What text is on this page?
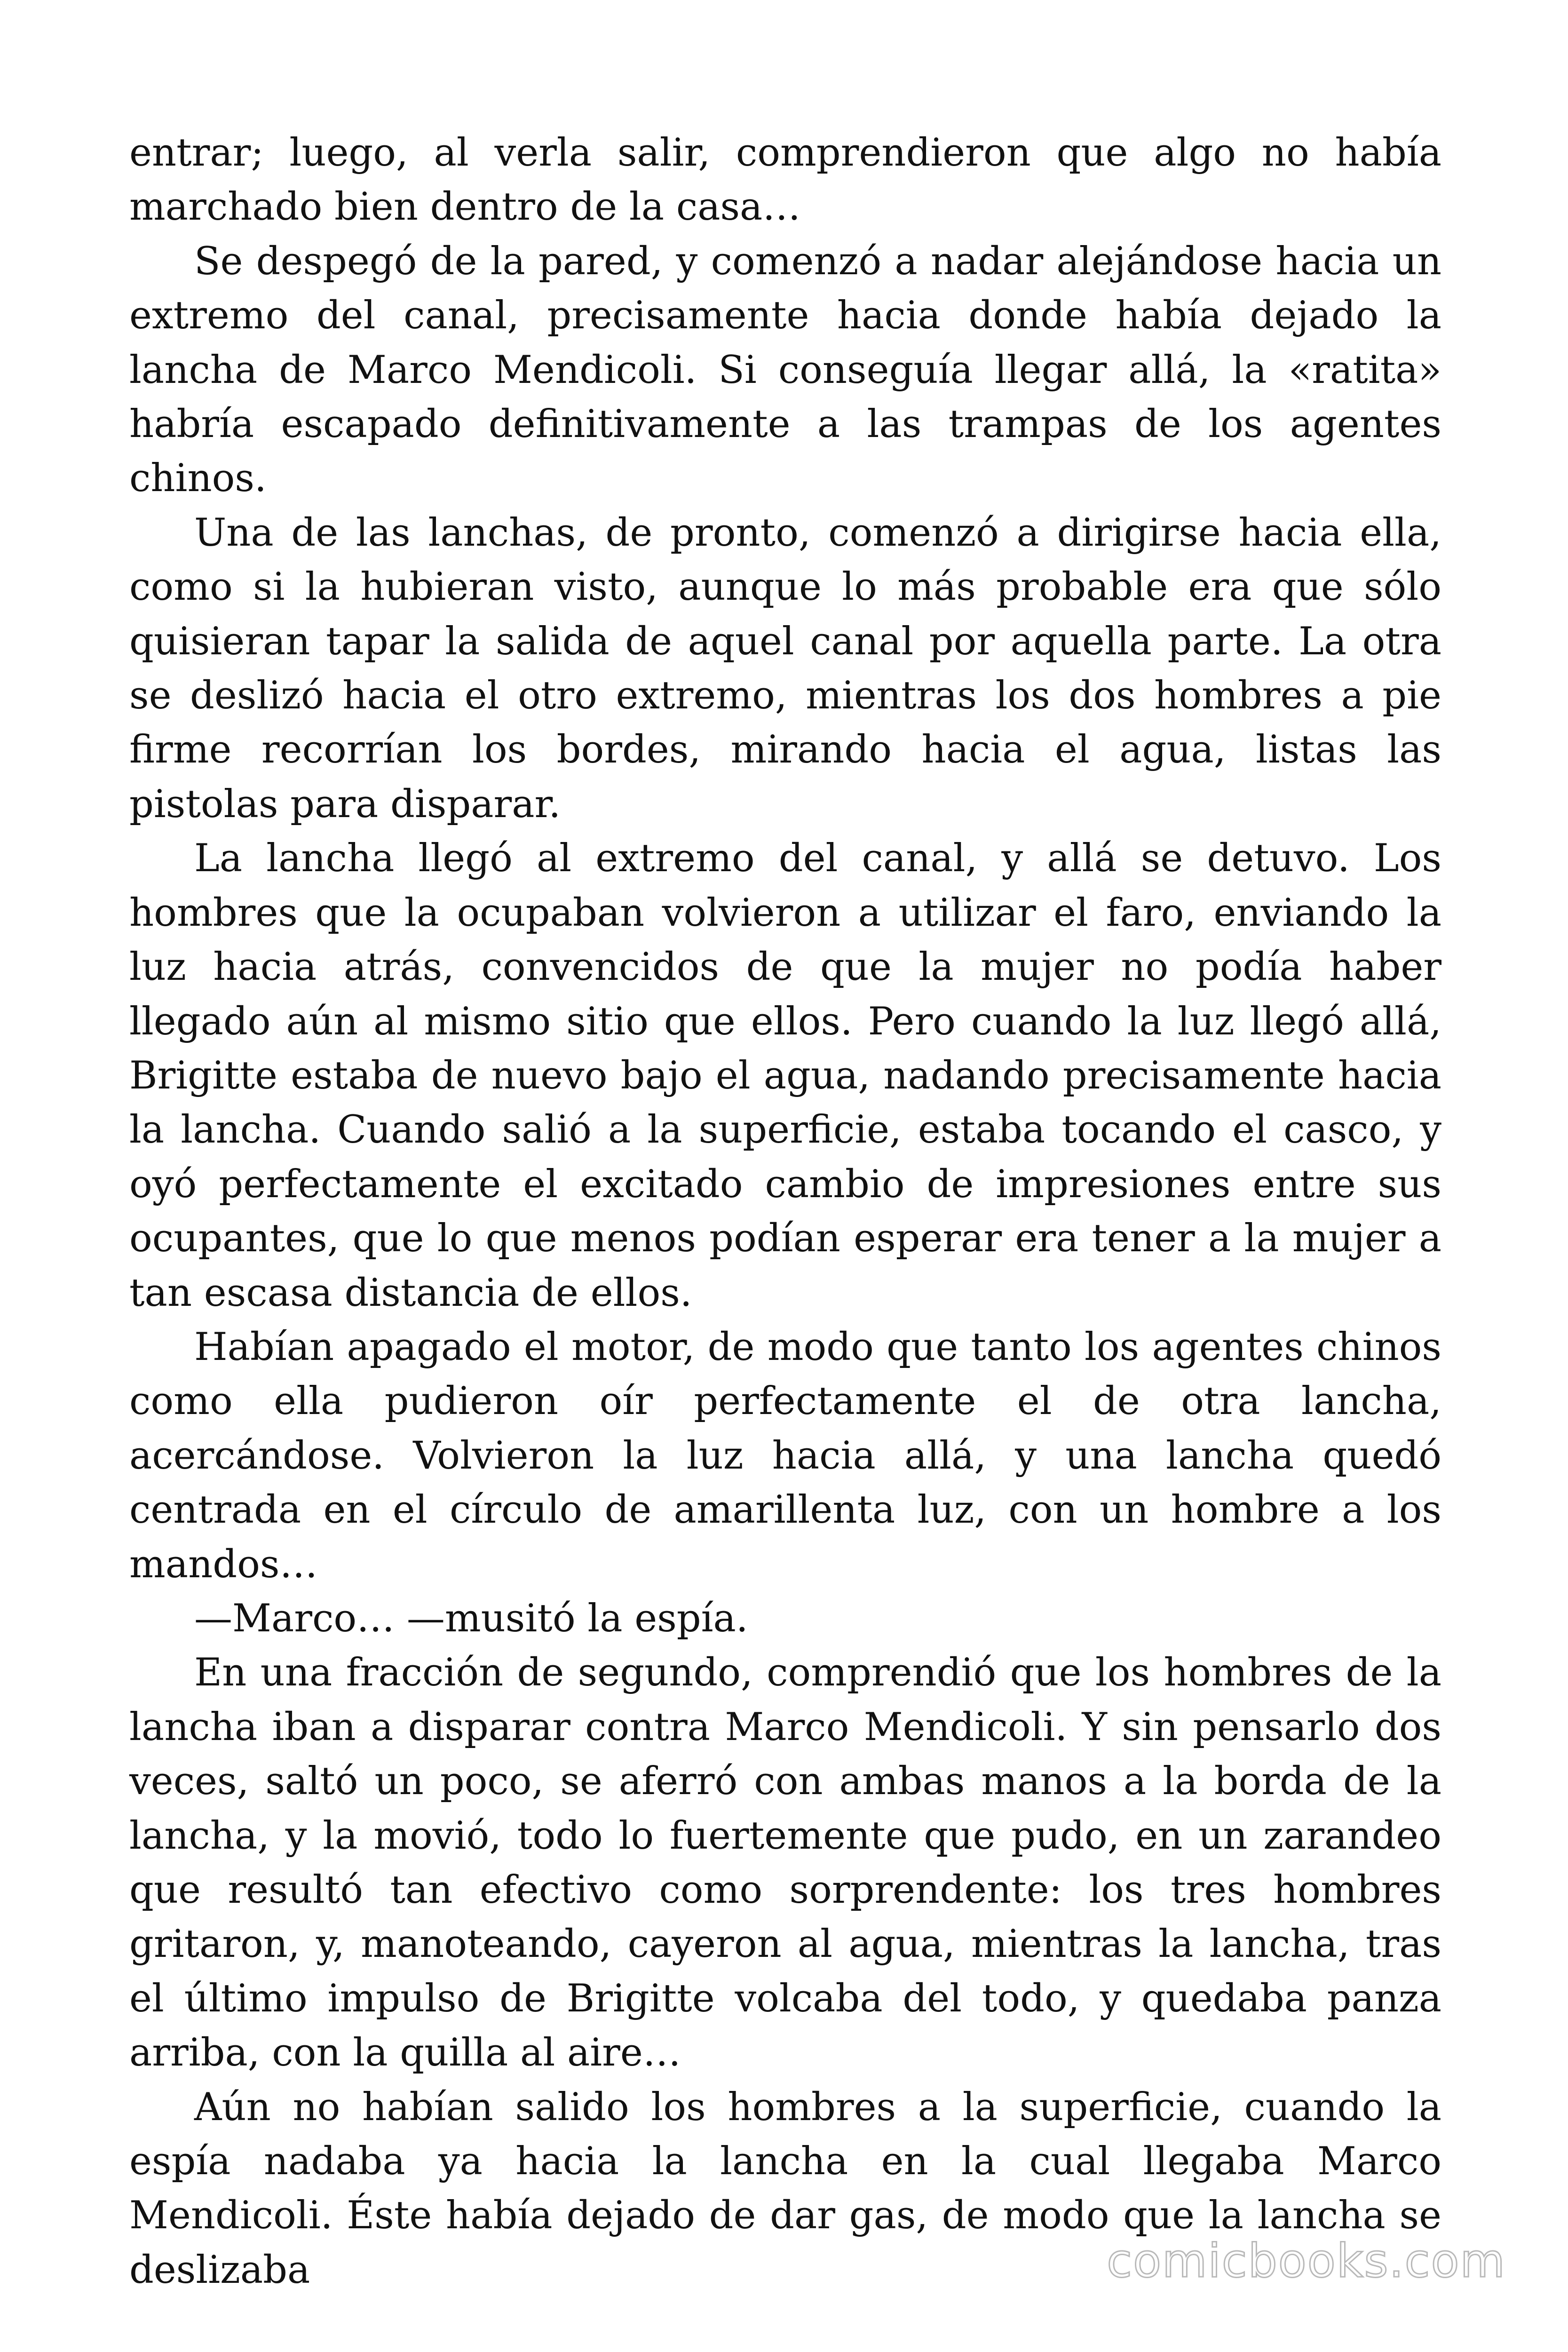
entrar; luego, al verla salir, comprendieron que algo no había marchado bien dentro de la casa…

Se despegó de la pared, y comenzó a nadar alejándose hacia un extremo del canal, precisamente hacia donde había dejado la lancha de Marco Mendicoli. Si conseguía llegar allá, la «ratita» habría escapado definitivamente a las trampas de los agentes chinos.

Una de las lanchas, de pronto, comenzó a dirigirse hacia ella, como si la hubieran visto, aunque lo más probable era que sólo quisieran tapar la salida de aquel canal por aquella parte. La otra se deslizó hacia el otro extremo, mientras los dos hombres a pie firme recorrían los bordes, mirando hacia el agua, listas las pistolas para disparar.

La lancha llegó al extremo del canal, y allá se detuvo. Los hombres que la ocupaban volvieron a utilizar el faro, enviando la luz hacia atrás, convencidos de que la mujer no podía haber llegado aún al mismo sitio que ellos. Pero cuando la luz llegó allá, Brigitte estaba de nuevo bajo el agua, nadando precisamente hacia la lancha. Cuando salió a la superficie, estaba tocando el casco, y oyó perfectamente el excitado cambio de impresiones entre sus ocupantes, que lo que menos podían esperar era tener a la mujer a tan escasa distancia de ellos.

Habían apagado el motor, de modo que tanto los agentes chinos como ella pudieron oír perfectamente el de otra lancha, acercándose. Volvieron la luz hacia allá, y una lancha quedó centrada en el círculo de amarillenta luz, con un hombre a los mandos…

—Marco… —musitó la espía.

En una fracción de segundo, comprendió que los hombres de la lancha iban a disparar contra Marco Mendicoli. Y sin pensarlo dos veces, saltó un poco, se aferró con ambas manos a la borda de la lancha, y la movió, todo lo fuertemente que pudo, en un zarandeo que resultó tan efectivo como sorprendente: los tres hombres gritaron, y, manoteando, cayeron al agua, mientras la lancha, tras el último impulso de Brigitte volcaba del todo, y quedaba panza arriba, con la quilla al aire…

Aún no habían salido los hombres a la superficie, cuando la espía nadaba ya hacia la lancha en la cual llegaba Marco Mendicoli. Éste había dejado de dar gas, de modo que la lancha se deslizaba	comicbooks.com
